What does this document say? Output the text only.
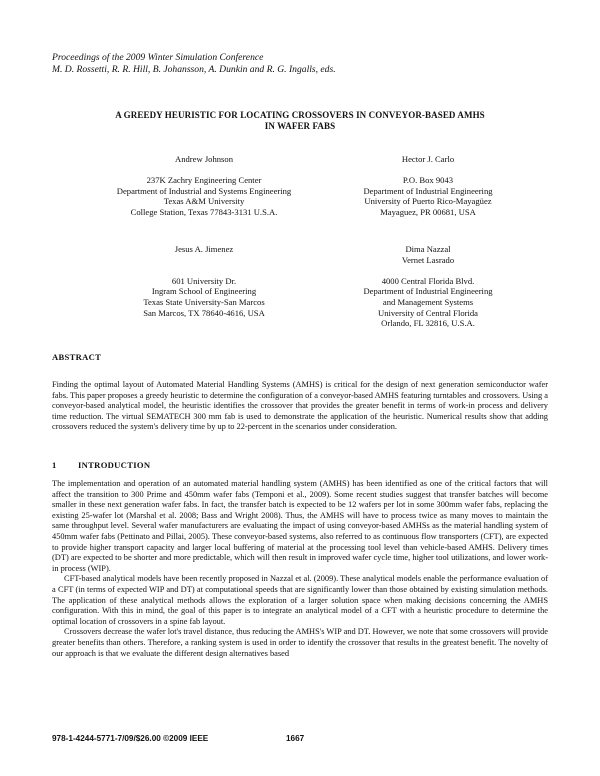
Proceedings of the 2009 Winter Simulation Conference
M. D. Rossetti, R. R. Hill, B. Johansson, A. Dunkin and R. G. Ingalls, eds.
A GREEDY HEURISTIC FOR LOCATING CROSSOVERS IN CONVEYOR-BASED AMHS
IN WAFER FABS
Andrew Johnson
237K Zachry Engineering Center
Department of Industrial and Systems Engineering
Texas A&M University
College Station, Texas 77843-3131 U.S.A.
Hector J. Carlo
P.O. Box 9043
Department of Industrial Engineering
University of Puerto Rico-Mayagüez
Mayaguez, PR 00681, USA
Jesus A. Jimenez
601 University Dr.
Ingram School of Engineering
Texas State University-San Marcos
San Marcos, TX 78640-4616, USA
Dima Nazzal
Vernet Lasrado
4000 Central Florida Blvd.
Department of Industrial Engineering
and Management Systems
University of Central Florida
Orlando, FL 32816, U.S.A.
ABSTRACT
Finding the optimal layout of Automated Material Handling Systems (AMHS) is critical for the design of next generation semiconductor wafer fabs. This paper proposes a greedy heuristic to determine the configuration of a conveyor-based AMHS featuring turntables and crossovers. Using a conveyor-based analytical model, the heuristic identifies the crossover that provides the greater benefit in terms of work-in process and delivery time reduction. The virtual SEMATECH 300 mm fab is used to demonstrate the application of the heuristic. Numerical results show that adding crossovers reduced the system's delivery time by up to 22-percent in the scenarios under consideration.
1 INTRODUCTION

The implementation and operation of an automated material handling system (AMHS) has been identified as one of the critical factors that will affect the transition to 300 Prime and 450mm wafer fabs (Temponi et al., 2009). Some recent studies suggest that transfer batches will become smaller in these next generation wafer fabs. In fact, the transfer batch is expected to be 12 wafers per lot in some 300mm wafer fabs, replacing the existing 25-wafer lot (Marshal et al. 2008; Bass and Wright 2008). Thus, the AMHS will have to process twice as many moves to maintain the same throughput level. Several wafer manufacturers are evaluating the impact of using conveyor-based AMHSs as the material handling system of 450mm wafer fabs (Pettinato and Pillai, 2005). These conveyor-based systems, also referred to as continuous flow transporters (CFT), are expected to provide higher transport capacity and larger local buffering of material at the processing tool level than vehicle-based AMHS. Delivery times (DT) are expected to be shorter and more predictable, which will then result in improved wafer cycle time, higher tool utilizations, and lower work-in process (WIP).

CFT-based analytical models have been recently proposed in Nazzal et al. (2009). These analytical models enable the performance evaluation of a CFT (in terms of expected WIP and DT) at computational speeds that are significantly lower than those obtained by existing simulation methods. The application of these analytical methods allows the exploration of a larger solution space when making decisions concerning the AMHS configuration. With this in mind, the goal of this paper is to integrate an analytical model of a CFT with a heuristic procedure to determine the optimal location of crossovers in a spine fab layout.

Crossovers decrease the wafer lot's travel distance, thus reducing the AMHS's WIP and DT. However, we note that some crossovers will provide greater benefits than others. Therefore, a ranking system is used in order to identify the crossover that results in the greatest benefit. The novelty of our approach is that we evaluate the different design alternatives based

978-1-4244-5771-7/09/$26.00 ©2009 IEEE	1667
